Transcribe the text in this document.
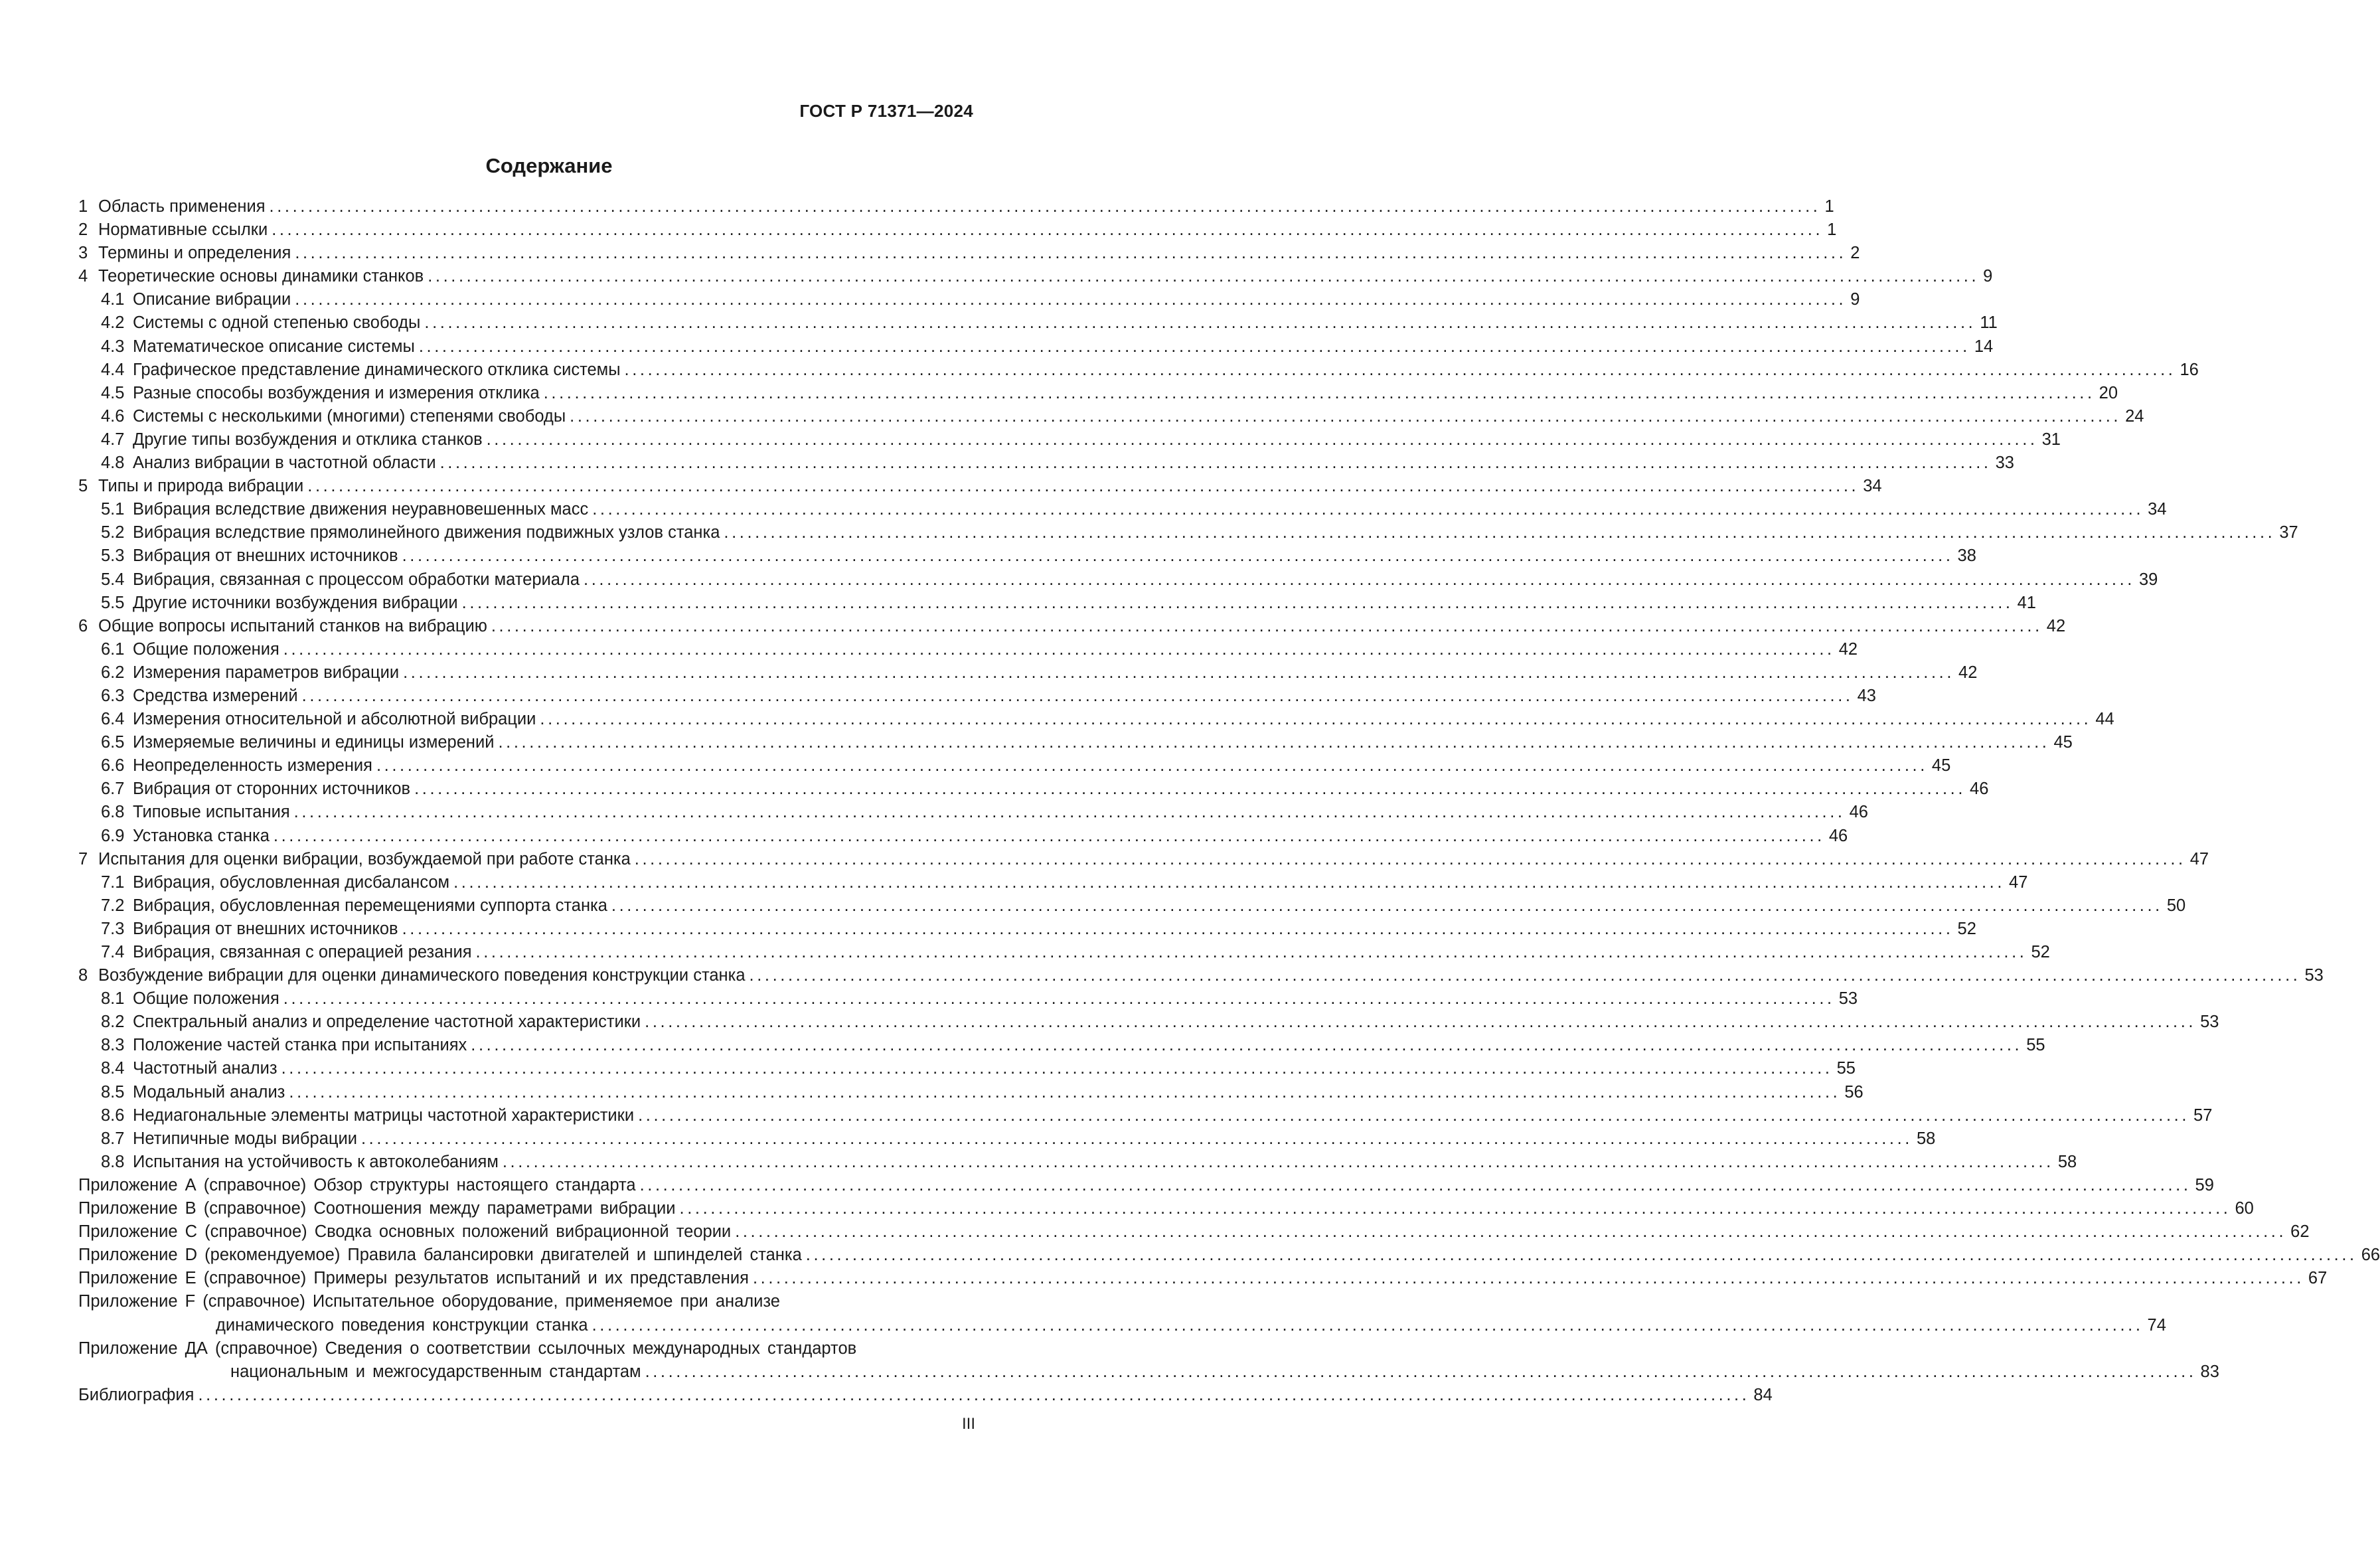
ГОСТ Р 71371—2024
Содержание
1 Область применения ........................................................................................................................................................................................................ 1
2 Нормативные ссылки ........................................................................................................................................................................................................ 1
3 Термины и определения ........................................................................................................................................................................................................ 2
4 Теоретические основы динамики станков ........................................................................................................................................................................................................ 9
4.1 Описание вибрации ........................................................................................................................................................................................................ 9
4.2 Системы с одной степенью свободы ........................................................................................................................................................................................................ 11
4.3 Математическое описание системы ........................................................................................................................................................................................................ 14
4.4 Графическое представление динамического отклика системы ........................................................................................................................................................................................................ 16
4.5 Разные способы возбуждения и измерения отклика ........................................................................................................................................................................................................ 20
4.6 Системы с несколькими (многими) степенями свободы ........................................................................................................................................................................................................ 24
4.7 Другие типы возбуждения и отклика станков ........................................................................................................................................................................................................ 31
4.8 Анализ вибрации в частотной области ........................................................................................................................................................................................................ 33
5 Типы и природа вибрации ........................................................................................................................................................................................................ 34
5.1 Вибрация вследствие движения неуравновешенных масс ........................................................................................................................................................................................................ 34
5.2 Вибрация вследствие прямолинейного движения подвижных узлов станка ........................................................................................................................................................................................................ 37
5.3 Вибрация от внешних источников ........................................................................................................................................................................................................ 38
5.4 Вибрация, связанная с процессом обработки материала ........................................................................................................................................................................................................ 39
5.5 Другие источники возбуждения вибрации ........................................................................................................................................................................................................ 41
6 Общие вопросы испытаний станков на вибрацию ........................................................................................................................................................................................................ 42
6.1 Общие положения ........................................................................................................................................................................................................ 42
6.2 Измерения параметров вибрации ........................................................................................................................................................................................................ 42
6.3 Средства измерений ........................................................................................................................................................................................................ 43
6.4 Измерения относительной и абсолютной вибрации ........................................................................................................................................................................................................ 44
6.5 Измеряемые величины и единицы измерений ........................................................................................................................................................................................................ 45
6.6 Неопределенность измерения ........................................................................................................................................................................................................ 45
6.7 Вибрация от сторонних источников ........................................................................................................................................................................................................ 46
6.8 Типовые испытания ........................................................................................................................................................................................................ 46
6.9 Установка станка ........................................................................................................................................................................................................ 46
7 Испытания для оценки вибрации, возбуждаемой при работе станка ........................................................................................................................................................................................................ 47
7.1 Вибрация, обусловленная дисбалансом ........................................................................................................................................................................................................ 47
7.2 Вибрация, обусловленная перемещениями суппорта станка ........................................................................................................................................................................................................ 50
7.3 Вибрация от внешних источников ........................................................................................................................................................................................................ 52
7.4 Вибрация, связанная с операцией резания ........................................................................................................................................................................................................ 52
8 Возбуждение вибрации для оценки динамического поведения конструкции станка ........................................................................................................................................................................................................ 53
8.1 Общие положения ........................................................................................................................................................................................................ 53
8.2 Спектральный анализ и определение частотной характеристики ........................................................................................................................................................................................................ 53
8.3 Положение частей станка при испытаниях ........................................................................................................................................................................................................ 55
8.4 Частотный анализ ........................................................................................................................................................................................................ 55
8.5 Модальный анализ ........................................................................................................................................................................................................ 56
8.6 Недиагональные элементы матрицы частотной характеристики ........................................................................................................................................................................................................ 57
8.7 Нетипичные моды вибрации ........................................................................................................................................................................................................ 58
8.8 Испытания на устойчивость к автоколебаниям ........................................................................................................................................................................................................ 58
Приложение А (справочное) Обзор структуры настоящего стандарта ........................................................................................................................................................................................................ 59
Приложение В (справочное) Соотношения между параметрами вибрации ........................................................................................................................................................................................................ 60
Приложение С (справочное) Сводка основных положений вибрационной теории ........................................................................................................................................................................................................ 62
Приложение D (рекомендуемое) Правила балансировки двигателей и шпинделей станка ........................................................................................................................................................................................................ 66
Приложение Е (справочное) Примеры результатов испытаний и их представления ........................................................................................................................................................................................................ 67
Приложение F (справочное) Испытательное оборудование, применяемое при анализе
динамического поведения конструкции станка ........................................................................................................................................................................................................ 74
Приложение ДА (справочное) Сведения о соответствии ссылочных международных стандартов
национальным и межгосударственным стандартам ........................................................................................................................................................................................................ 83
Библиография ........................................................................................................................................................................................................ 84
III
